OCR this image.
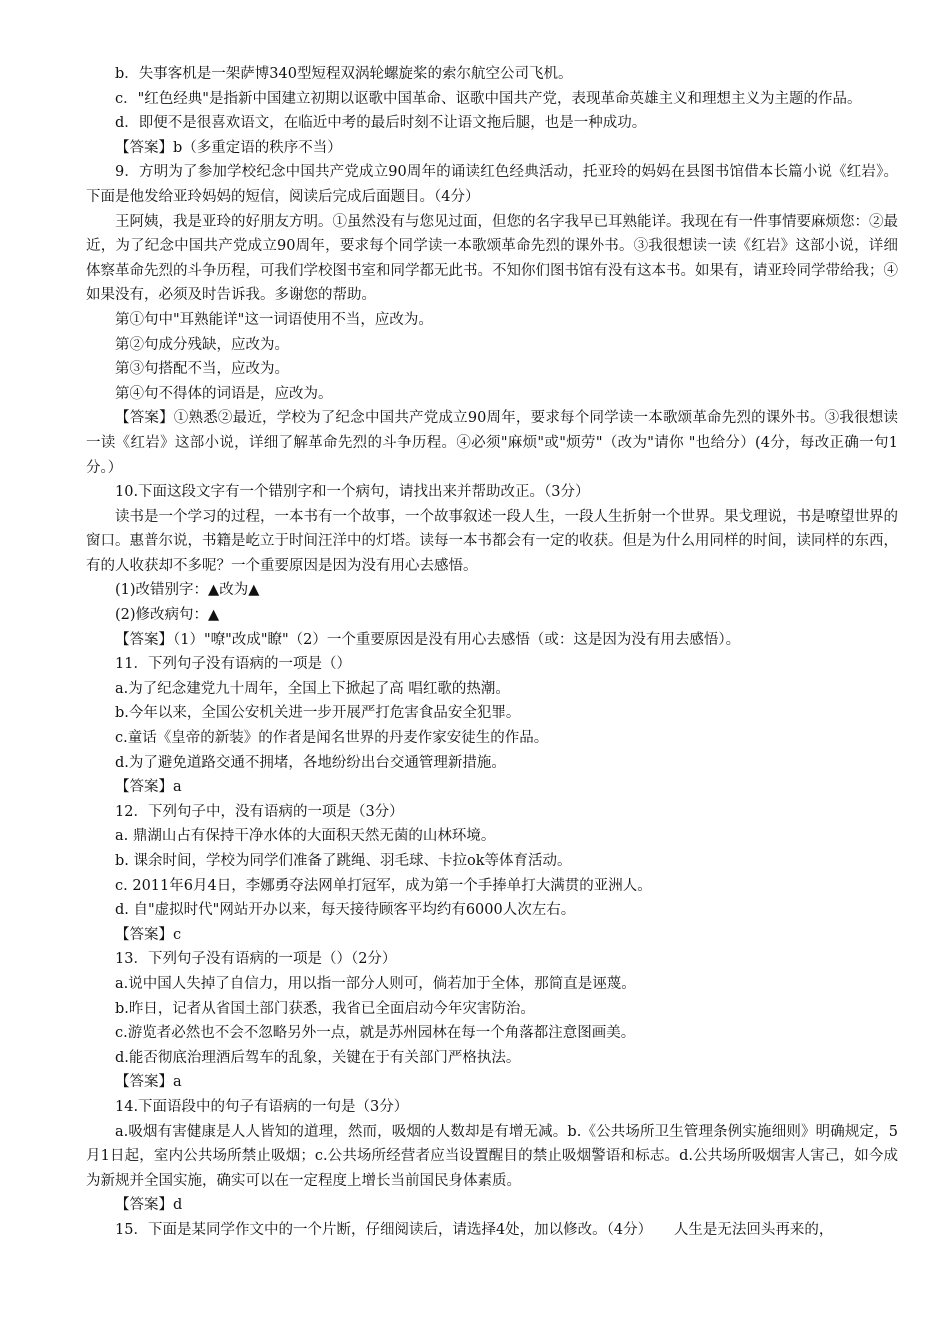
b．失事客机是一架萨博340型短程双涡轮螺旋桨的索尔航空公司飞机。

c．"红色经典"是指新中国建立初期以讴歌中国革命、讴歌中国共产党，表现革命英雄主义和理想主义为主题的作品。

d．即便不是很喜欢语文，在临近中考的最后时刻不让语文拖后腿，也是一种成功。

【答案】b（多重定语的秩序不当）

9．方明为了参加学校纪念中国共产党成立90周年的诵读红色经典活动，托亚玲的妈妈在县图书馆借本长篇小说《红岩》。下面是他发给亚玲妈妈的短信，阅读后完成后面题目。（4分）

王阿姨，我是亚玲的好朋友方明。①虽然没有与您见过面，但您的名字我早已耳熟能详。我现在有一件事情要麻烦您：②最近，为了纪念中国共产党成立90周年，要求每个同学读一本歌颂革命先烈的课外书。③我很想读一读《红岩》这部小说，详细体察革命先烈的斗争历程，可我们学校图书室和同学都无此书。不知你们图书馆有没有这本书。如果有，请亚玲同学带给我；④如果没有，必须及时告诉我。多谢您的帮助。

第①句中"耳熟能详"这一词语使用不当，应改为。

第②句成分残缺，应改为。

第③句搭配不当，应改为。

第④句不得体的词语是，应改为。

【答案】①熟悉②最近，学校为了纪念中国共产党成立90周年，要求每个同学读一本歌颂革命先烈的课外书。③我很想读一读《红岩》这部小说，详细了解革命先烈的斗争历程。④必须"麻烦"或"烦劳"（改为"请你 "也给分）(4分，每改正确一句1分。）

10.下面这段文字有一个错别字和一个病句，请找出来并帮助改正。（3分）

读书是一个学习的过程，一本书有一个故事，一个故事叙述一段人生，一段人生折射一个世界。果戈理说，书是嘹望世界的窗口。惠普尔说，书籍是屹立于时间汪洋中的灯塔。读每一本书都会有一定的收获。但是为什么用同样的时间，读同样的东西，有的人收获却不多呢？一个重要原因是因为没有用心去感悟。

(1)改错别字：▲改为▲

(2)修改病句：▲

【答案】（1）"嘹"改成"瞭"（2）一个重要原因是没有用心去感悟（或：这是因为没有用去感悟）。

11．下列句子没有语病的一项是（）

a.为了纪念建党九十周年，全国上下掀起了高 唱红歌的热潮。

b.今年以来，全国公安机关进一步开展严打危害食品安全犯罪。

c.童话《皇帝的新装》的作者是闻名世界的丹麦作家安徒生的作品。

d.为了避免道路交通不拥堵，各地纷纷出台交通管理新措施。

【答案】a

12．下列句子中，没有语病的一项是（3分）

a. 鼎湖山占有保持干净水体的大面积天然无菌的山林环境。

b. 课余时间，学校为同学们准备了跳绳、羽毛球、卡拉ok等体育活动。

c. 2011年6月4日，李娜勇夺法网单打冠军，成为第一个手捧单打大满贯的亚洲人。

d. 自"虚拟时代"网站开办以来，每天接待顾客平均约有6000人次左右。

【答案】c

13．下列句子没有语病的一项是（）（2分）

a.说中国人失掉了自信力，用以指一部分人则可，倘若加于全体，那简直是诬蔑。

b.昨日，记者从省国土部门获悉，我省已全面启动今年灾害防治。

c.游览者必然也不会不忽略另外一点，就是苏州园林在每一个角落都注意图画美。

d.能否彻底治理酒后驾车的乱象，关键在于有关部门严格执法。

【答案】a

14.下面语段中的句子有语病的一句是（3分）

a.吸烟有害健康是人人皆知的道理，然而，吸烟的人数却是有增无减。b.《公共场所卫生管理条例实施细则》明确规定，5月1日起，室内公共场所禁止吸烟；c.公共场所经营者应当设置醒目的禁止吸烟警语和标志。d.公共场所吸烟害人害己，如今成为新规并全国实施，确实可以在一定程度上增长当前国民身体素质。

【答案】d

15．下面是某同学作文中的一个片断，仔细阅读后，请选择4处，加以修改。（4分）　　人生是无法回头再来的，
